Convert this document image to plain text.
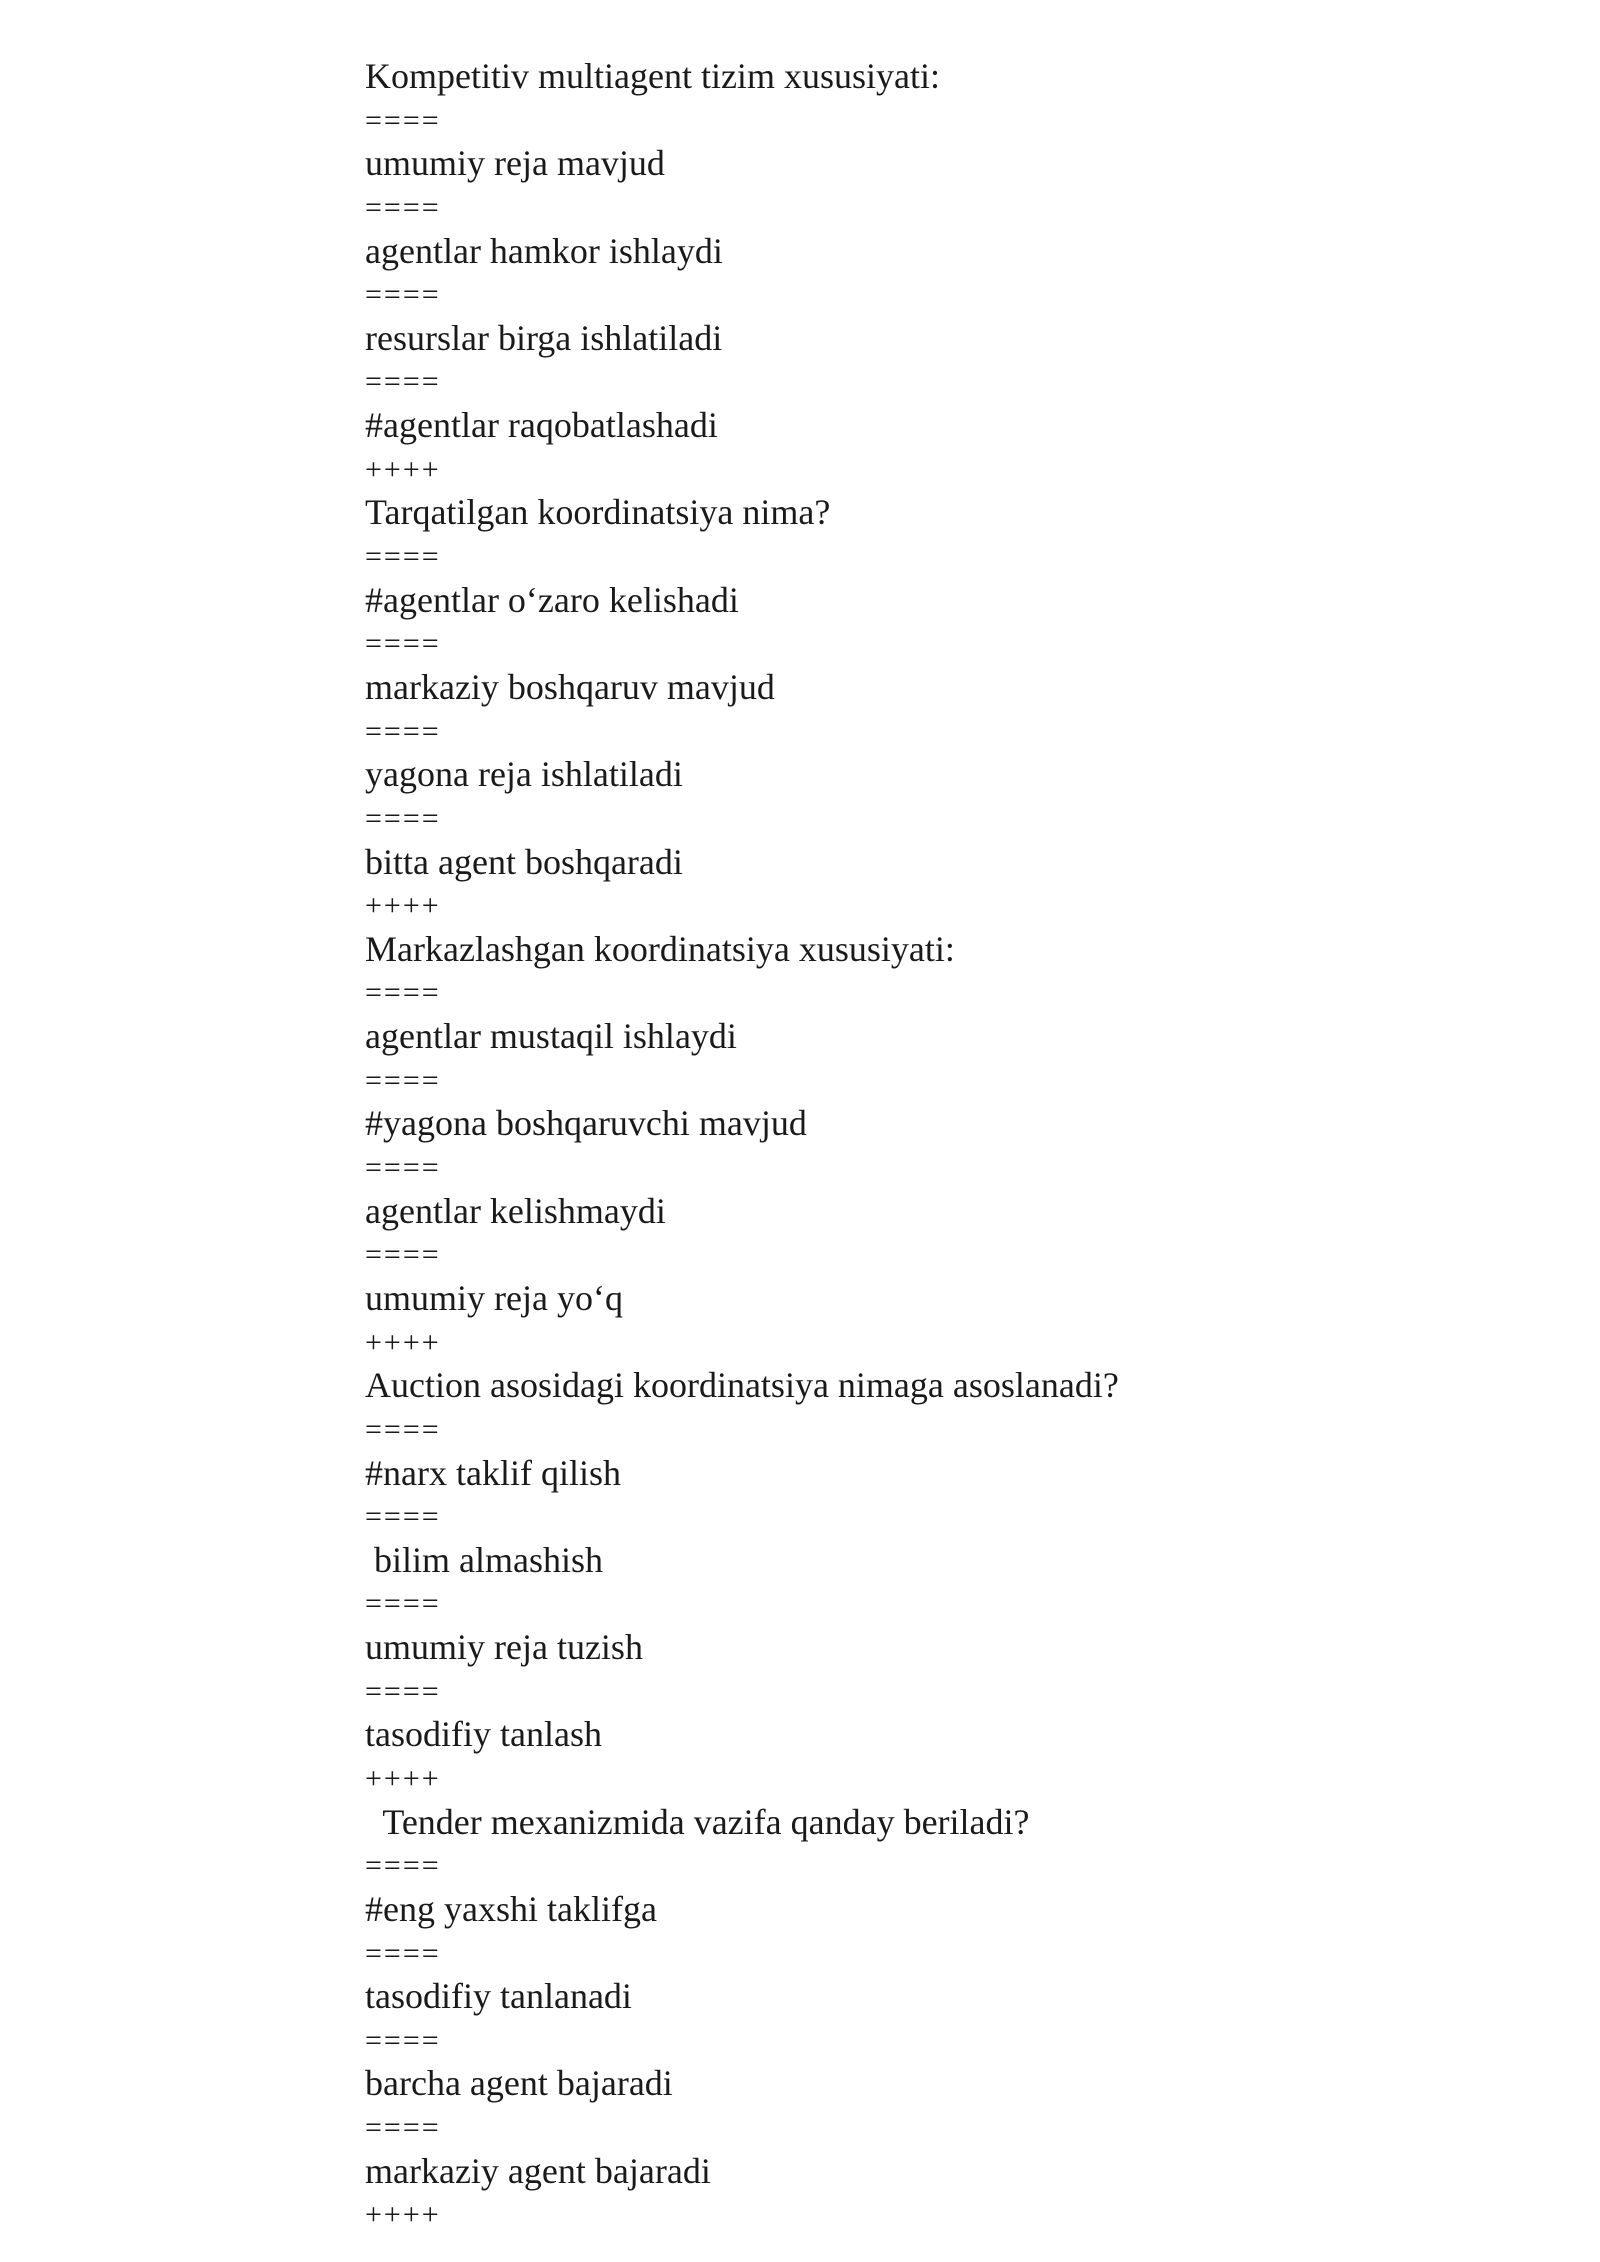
Kompetitiv multiagent tizim xususiyati:
====
umumiy reja mavjud
====
agentlar hamkor ishlaydi
====
resurslar birga ishlatiladi
====
#agentlar raqobatlashadi
++++
Tarqatilgan koordinatsiya nima?
====
#agentlar o‘zaro kelishadi
====
markaziy boshqaruv mavjud
====
yagona reja ishlatiladi
====
bitta agent boshqaradi
++++
Markazlashgan koordinatsiya xususiyati:
====
agentlar mustaqil ishlaydi
====
#yagona boshqaruvchi mavjud
====
agentlar kelishmaydi
====
umumiy reja yo‘q
++++
Auction asosidagi koordinatsiya nimaga asoslanadi?
====
#narx taklif qilish
====
bilim almashish
====
umumiy reja tuzish
====
tasodifiy tanlash
++++
Tender mexanizmida vazifa qanday beriladi?
====
#eng yaxshi taklifga
====
tasodifiy tanlanadi
====
barcha agent bajaradi
====
markaziy agent bajaradi
++++
